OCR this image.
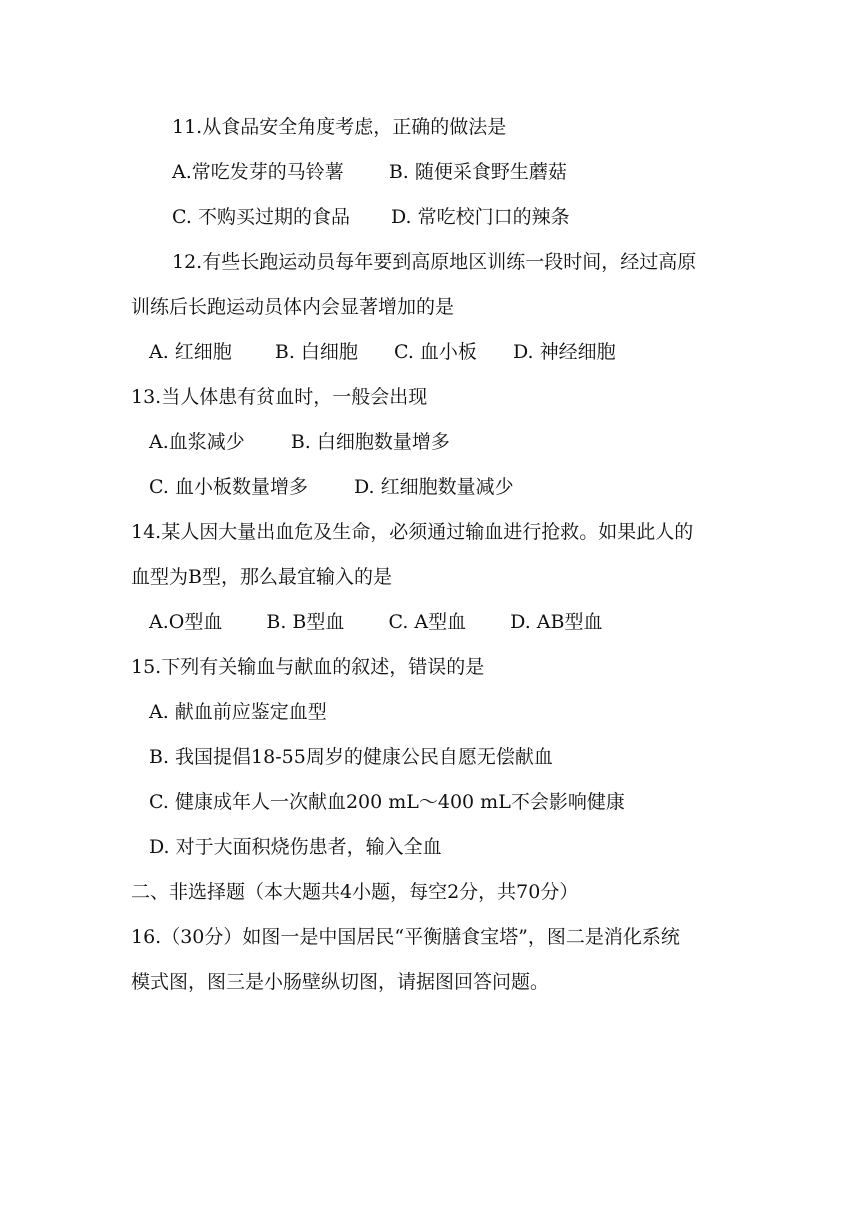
11.从食品安全角度考虑，正确的做法是
A.常吃发芽的马铃薯 B. 随便采食野生蘑菇
C. 不购买过期的食品 D. 常吃校门口的辣条
12.有些长跑运动员每年要到高原地区训练一段时间，经过高原
训练后长跑运动员体内会显著增加的是
A. 红细胞 B. 白细胞 C. 血小板 D. 神经细胞
13.当人体患有贫血时，一般会出现
A.血浆减少 B. 白细胞数量增多
C. 血小板数量增多 D. 红细胞数量减少
14.某人因大量出血危及生命，必须通过输血进行抢救。如果此人的
血型为B型，那么最宜输入的是
A.O型血 B. B型血 C. A型血 D. AB型血
15.下列有关输血与献血的叙述，错误的是
A. 献血前应鉴定血型
B. 我国提倡18-55周岁的健康公民自愿无偿献血
C. 健康成年人一次献血200 mL～400 mL不会影响健康
D. 对于大面积烧伤患者，输入全血
二、非选择题（本大题共4小题，每空2分，共70分）
16.（30分）如图一是中国居民“平衡膳食宝塔”，图二是消化系统
模式图，图三是小肠壁纵切图，请据图回答问题。
